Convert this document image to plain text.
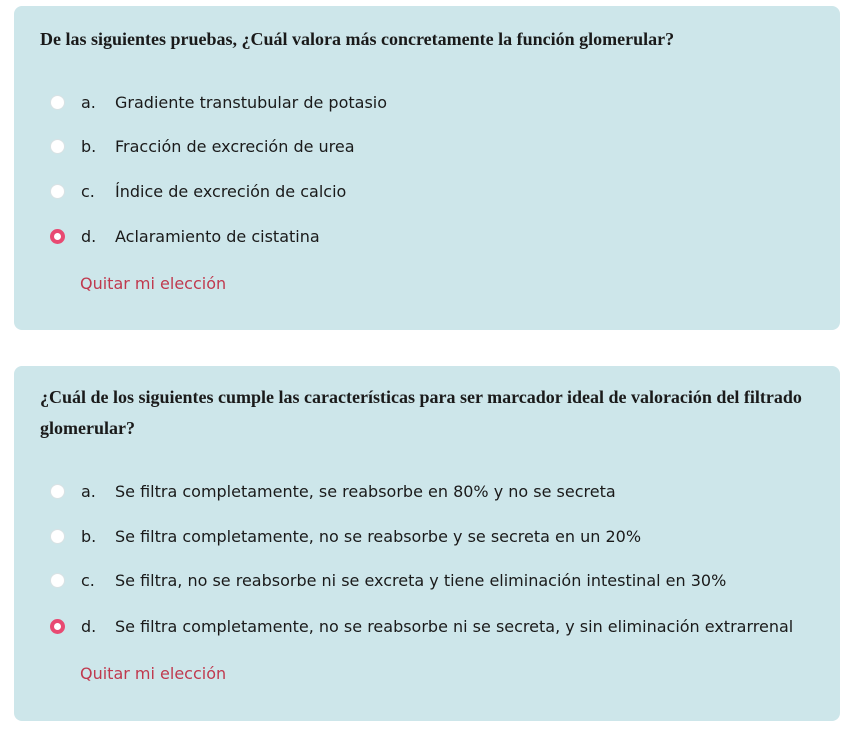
De las siguientes pruebas, ¿Cuál valora más concretamente la función glomerular?
a.	Gradiente transtubular de potasio
b.	Fracción de excreción de urea
c.	Índice de excreción de calcio
d.	Aclaramiento de cistatina
Quitar mi elección
¿Cuál de los siguientes cumple las características para ser marcador ideal de valoración del filtrado glomerular?
a.	Se filtra completamente, se reabsorbe en 80% y no se secreta
b.	Se filtra completamente, no se reabsorbe y se secreta en un 20%
c.	Se filtra, no se reabsorbe ni se excreta y tiene eliminación intestinal en 30%
d.	Se filtra completamente, no se reabsorbe ni se secreta, y sin eliminación extrarrenal
Quitar mi elección
